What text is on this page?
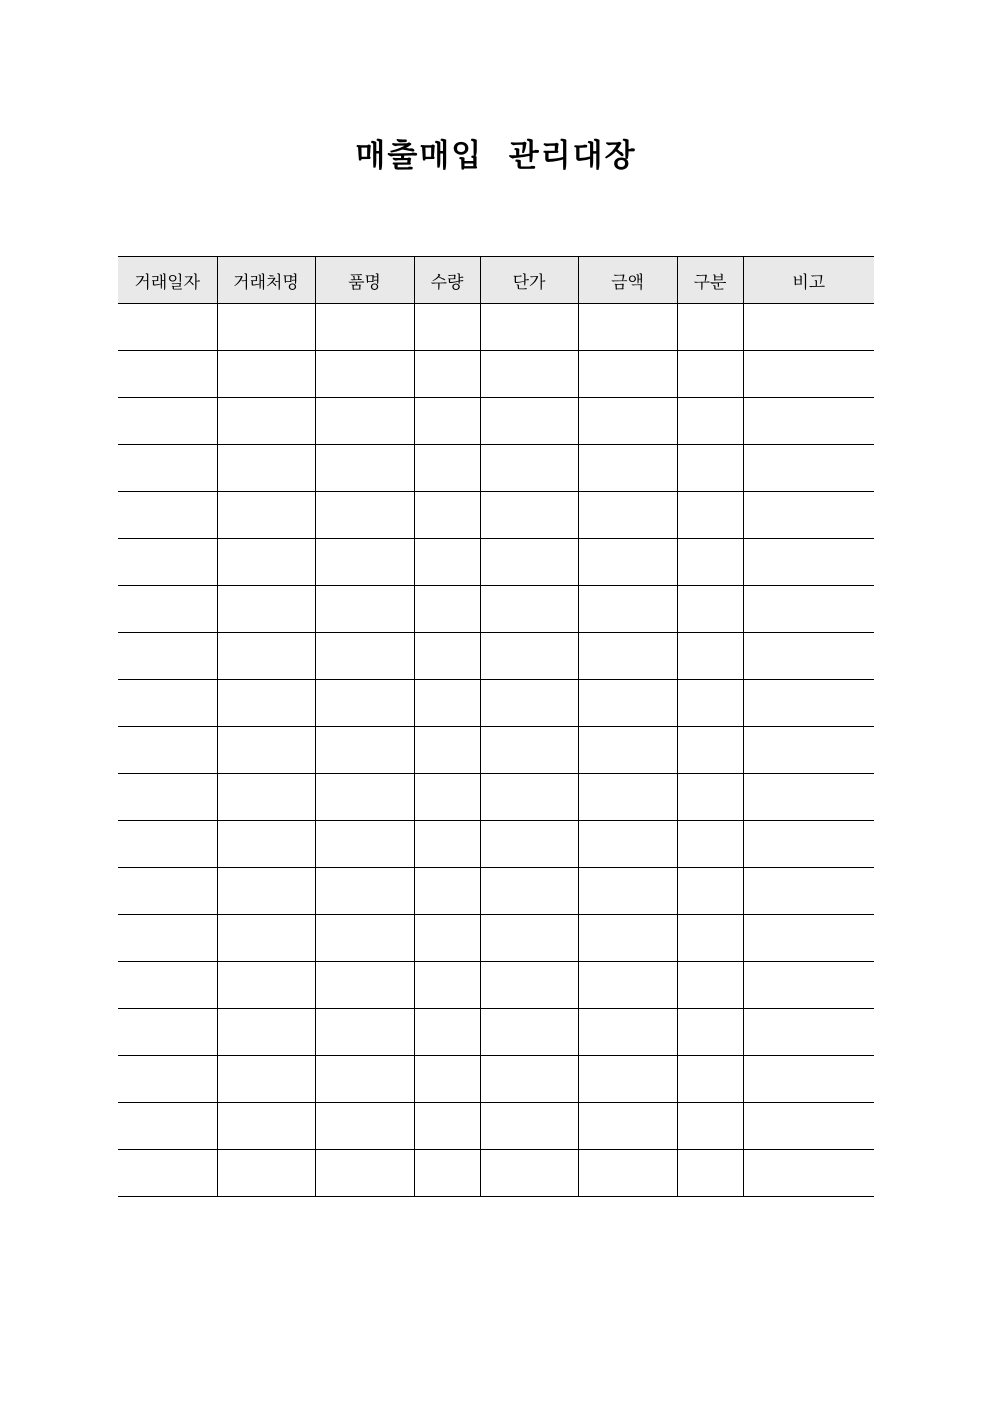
매출매입  관리대장
거래일자	거래처명	품명	수량	단가	금액	구분	비고
